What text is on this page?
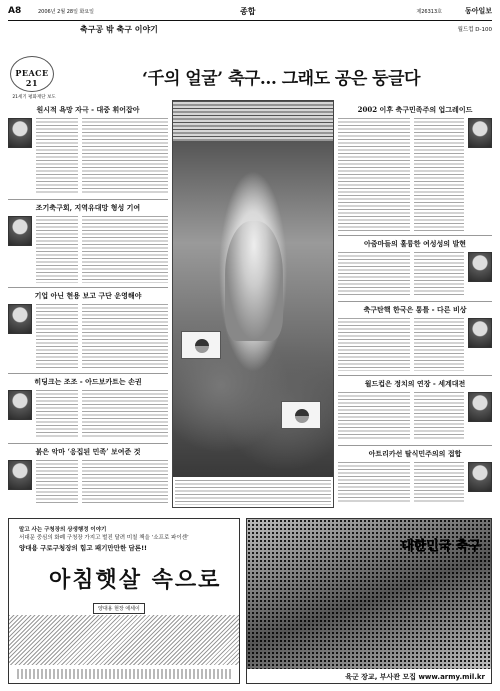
A8	2006년 2월 28일 화요일	종합	제26313호	동아일보
축구공 밖 축구 이야기	월드컵 D-100
PEACE 21
21세기 평화재단 보도
‘千의 얼굴’ 축구… 그래도 공은 둥글다
원시적 욕망 자극 - 대중 휘어잡아
조기축구회, 지역유대망 형성 기여
기업 아닌 현용 보고 구단 운영해야
히딩크는 조조 - 아드보카트는 손권
붉은 악마 ‘응집된 민족’ 보여준 것
2002 이후 축구민족주의 업그레이드
아줌마들의 훌륭한 여성성의 발현
축구탄핵 한국은 통틀 - 다른 비상
월드컵은 정치의 연장 - 세계대전
아트리카선 탈식민주의의 접합
말고 사는 구청장의 상생행정 이야기
서대문 중심의 화폐 구청장 가지고 벌진 달려 미칠 책을 ‘소프로 파이센’
양대용 구로구청장의 힘고 패기만만한 담론!!
아침햇살 속으로
양대용 현장 에세이
대한민국 축구
육군 장교, 부사관 모집 www.army.mil.kr
